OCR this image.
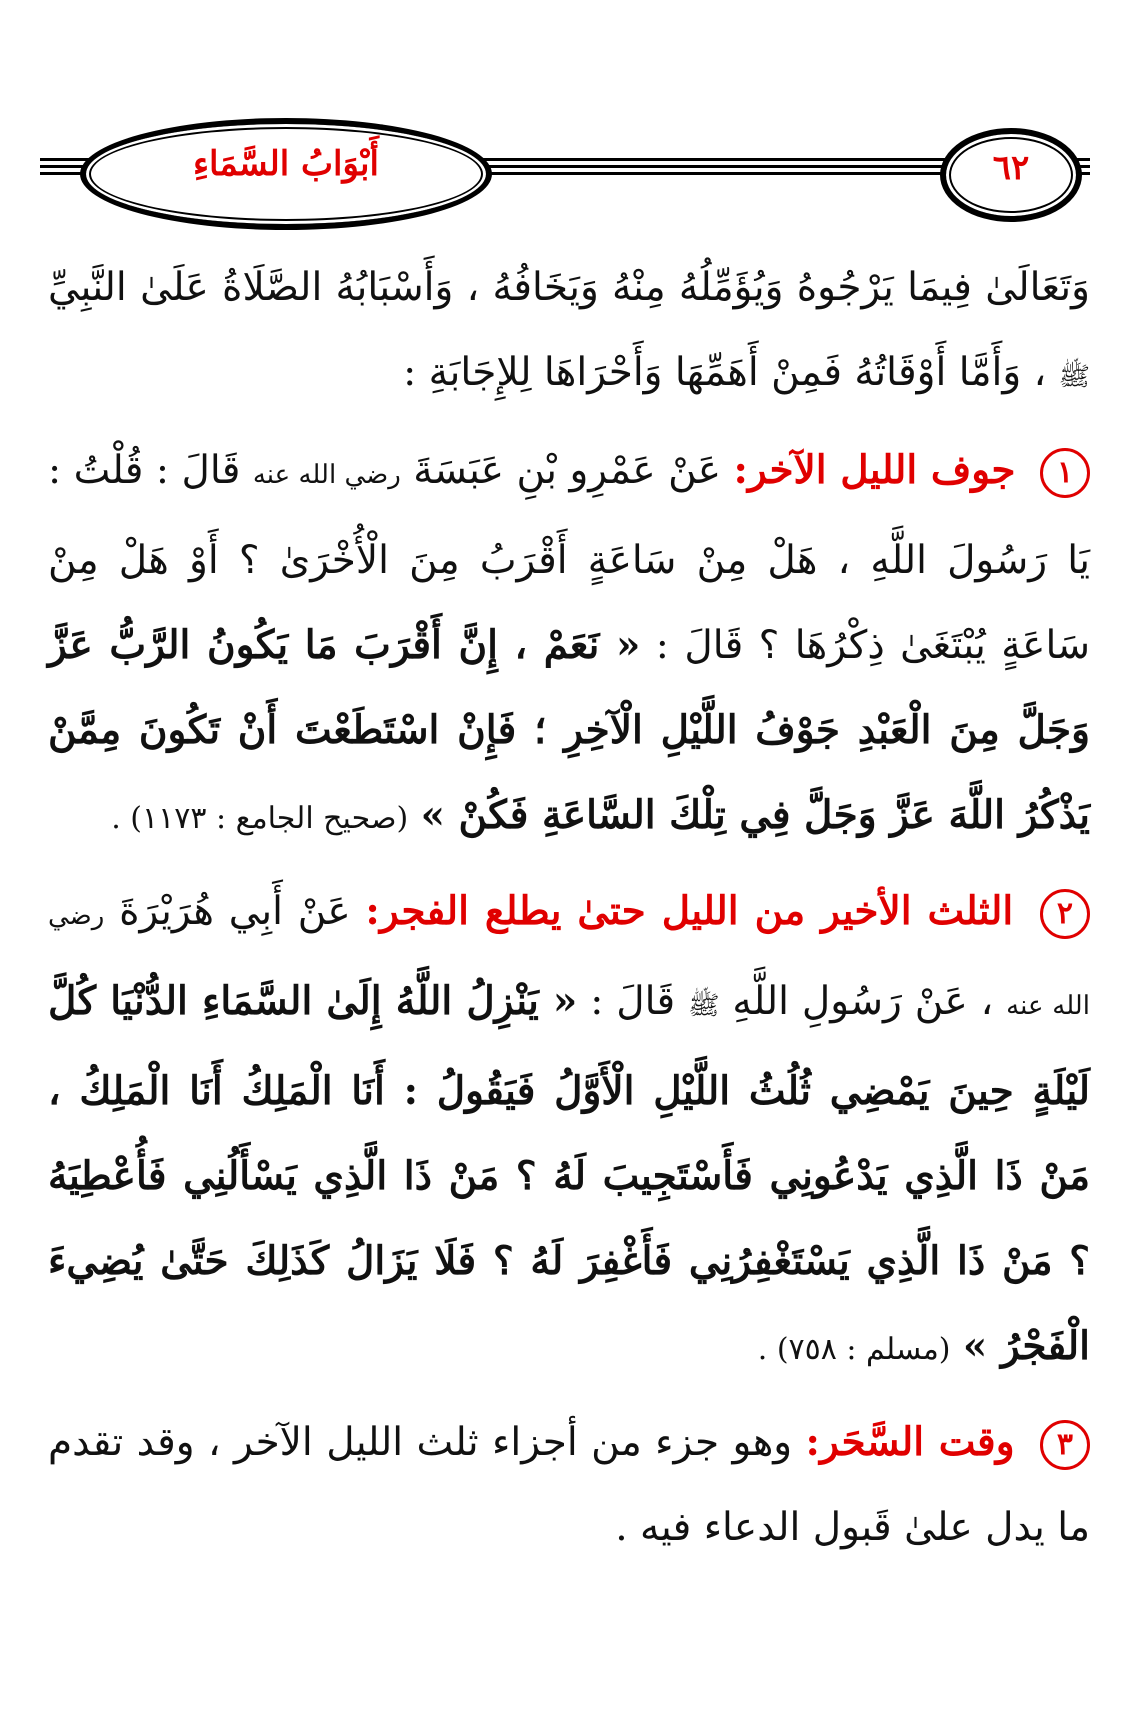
أَبْوَابُ السَّمَاءِ	٦٢

وَتَعَالَىٰ فِيمَا يَرْجُوهُ وَيُؤَمِّلُهُ مِنْهُ وَيَخَافُهُ ، وَأَسْبَابُهُ الصَّلَاةُ عَلَىٰ النَّبِيِّ ﷺ ، وَأَمَّا أَوْقَاتُهُ فَمِنْ أَهَمِّهَا وَأَحْرَاهَا لِلإِجَابَةِ :

١ جوف الليل الآخر: عَنْ عَمْرِو بْنِ عَبَسَةَ رضي الله عنه قَالَ : قُلْتُ : يَا رَسُولَ اللَّهِ ، هَلْ مِنْ سَاعَةٍ أَقْرَبُ مِنَ الْأُخْرَىٰ ؟ أَوْ هَلْ مِنْ سَاعَةٍ يُبْتَغَىٰ ذِكْرُهَا ؟ قَالَ : « نَعَمْ ، إِنَّ أَقْرَبَ مَا يَكُونُ الرَّبُّ عَزَّ وَجَلَّ مِنَ الْعَبْدِ جَوْفُ اللَّيْلِ الْآخِرِ ؛ فَإِنْ اسْتَطَعْتَ أَنْ تَكُونَ مِمَّنْ يَذْكُرُ اللَّهَ عَزَّ وَجَلَّ فِي تِلْكَ السَّاعَةِ فَكُنْ » (صحيح الجامع : ١١٧٣) .

٢ الثلث الأخير من الليل حتىٰ يطلع الفجر: عَنْ أَبِي هُرَيْرَةَ رضي الله عنه ، عَنْ رَسُولِ اللَّهِ ﷺ قَالَ : « يَنْزِلُ اللَّهُ إِلَىٰ السَّمَاءِ الدُّنْيَا كُلَّ لَيْلَةٍ حِينَ يَمْضِي ثُلُثُ اللَّيْلِ الْأَوَّلُ فَيَقُولُ : أَنَا الْمَلِكُ أَنَا الْمَلِكُ ، مَنْ ذَا الَّذِي يَدْعُونِي فَأَسْتَجِيبَ لَهُ ؟ مَنْ ذَا الَّذِي يَسْأَلُنِي فَأُعْطِيَهُ ؟ مَنْ ذَا الَّذِي يَسْتَغْفِرُنِي فَأَغْفِرَ لَهُ ؟ فَلَا يَزَالُ كَذَلِكَ حَتَّىٰ يُضِيءَ الْفَجْرُ » (مسلم : ٧٥٨) .

٣ وقت السَّحَر: وهو جزء من أجزاء ثلث الليل الآخر ، وقد تقدم ما يدل علىٰ قَبول الدعاء فيه .
